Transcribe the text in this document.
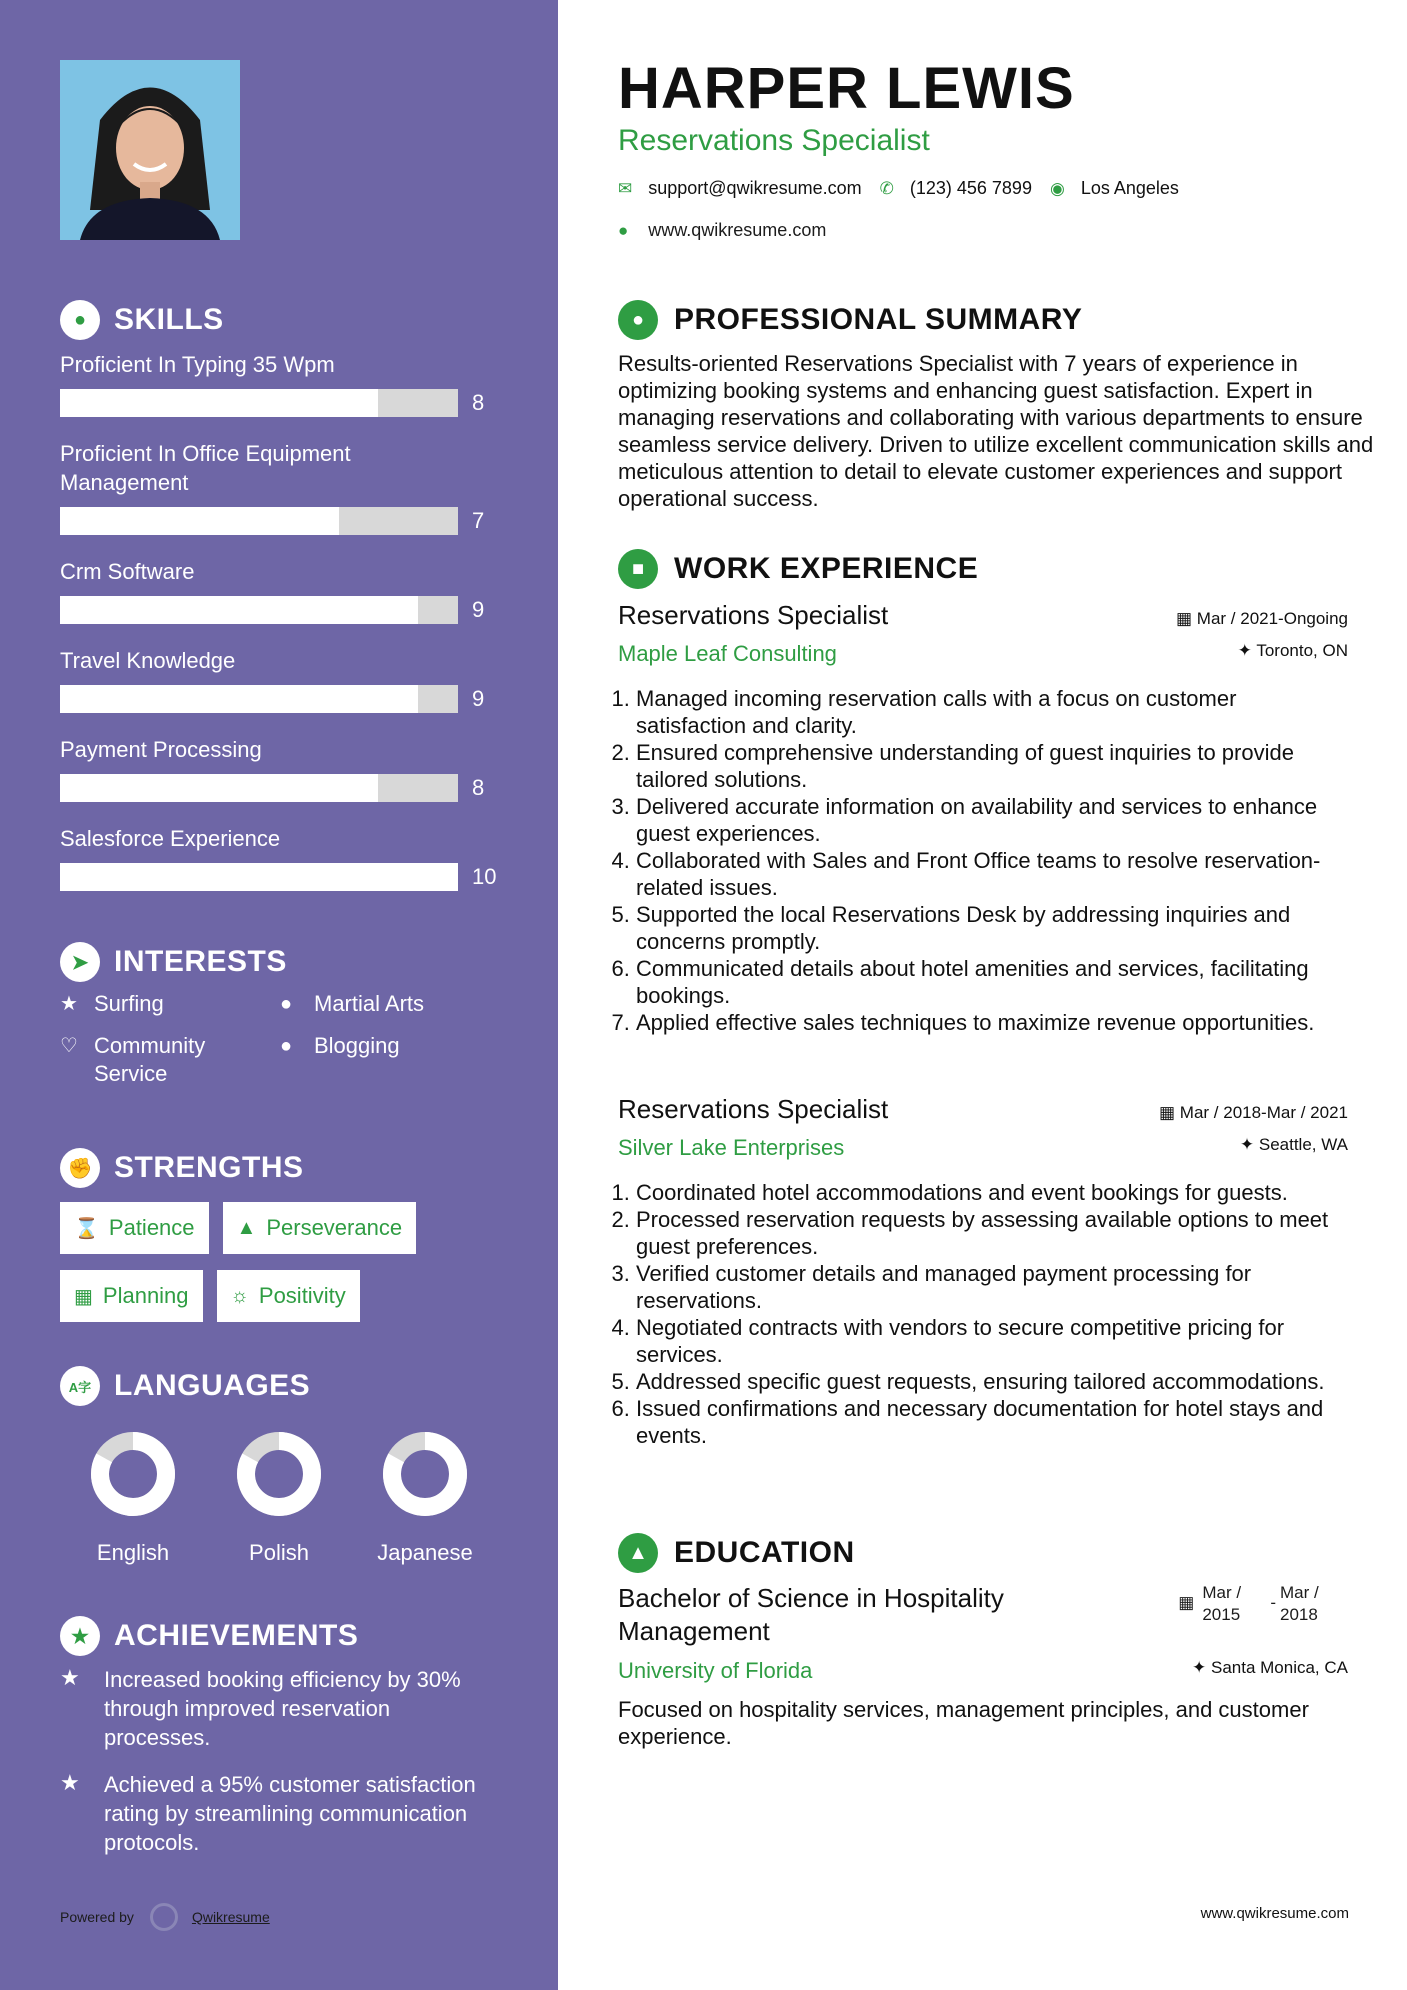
● SKILLS
Proficient In Typing 35 Wpm
8
Proficient In Office Equipment Management
7
Crm Software
9
Travel Knowledge
9
Payment Processing
8
Salesforce Experience
10
➤ INTERESTS
★ Surfing	● Martial Arts
♡ Community Service
● Blogging
✊ STRENGTHS
⌛ Patience ▲ Perseverance
▦ Planning ☼ Positivity
A字 LANGUAGES
English	Polish	Japanese
★ ACHIEVEMENTS
★	Increased booking efficiency by 30% through improved reservation processes.
★	Achieved a 95% customer satisfaction rating by streamlining communication protocols.
Powered by	Qwikresume
HARPER LEWIS
Reservations Specialist
✉ support@qwikresume.com ✆ (123) 456 7899 ◉ Los Angeles
● www.qwikresume.com
● PROFESSIONAL SUMMARY
Results-oriented Reservations Specialist with 7 years of experience in optimizing booking systems and enhancing guest satisfaction. Expert in managing reservations and collaborating with various departments to ensure seamless service delivery. Driven to utilize excellent communication skills and meticulous attention to detail to elevate customer experiences and support operational success.
■ WORK EXPERIENCE
Reservations Specialist	▦ Mar / 2021-Ongoing
Maple Leaf Consulting	✦ Toronto, ON
1. Managed incoming reservation calls with a focus on customer satisfaction and clarity.
2. Ensured comprehensive understanding of guest inquiries to provide tailored solutions.
3. Delivered accurate information on availability and services to enhance guest experiences.
4. Collaborated with Sales and Front Office teams to resolve reservation-related issues.
5. Supported the local Reservations Desk by addressing inquiries and concerns promptly.
6. Communicated details about hotel amenities and services, facilitating bookings.
7. Applied effective sales techniques to maximize revenue opportunities.
Reservations Specialist	▦ Mar / 2018-Mar / 2021
Silver Lake Enterprises	✦ Seattle, WA
1. Coordinated hotel accommodations and event bookings for guests.
2. Processed reservation requests by assessing available options to meet guest preferences.
3. Verified customer details and managed payment processing for reservations.
4. Negotiated contracts with vendors to secure competitive pricing for services.
5. Addressed specific guest requests, ensuring tailored accommodations.
6. Issued confirmations and necessary documentation for hotel stays and events.
▲ EDUCATION
Bachelor of Science in Hospitality Management
▦
Mar / 2015
-
Mar / 2018
University of Florida	✦ Santa Monica, CA
Focused on hospitality services, management principles, and customer experience.
www.qwikresume.com
